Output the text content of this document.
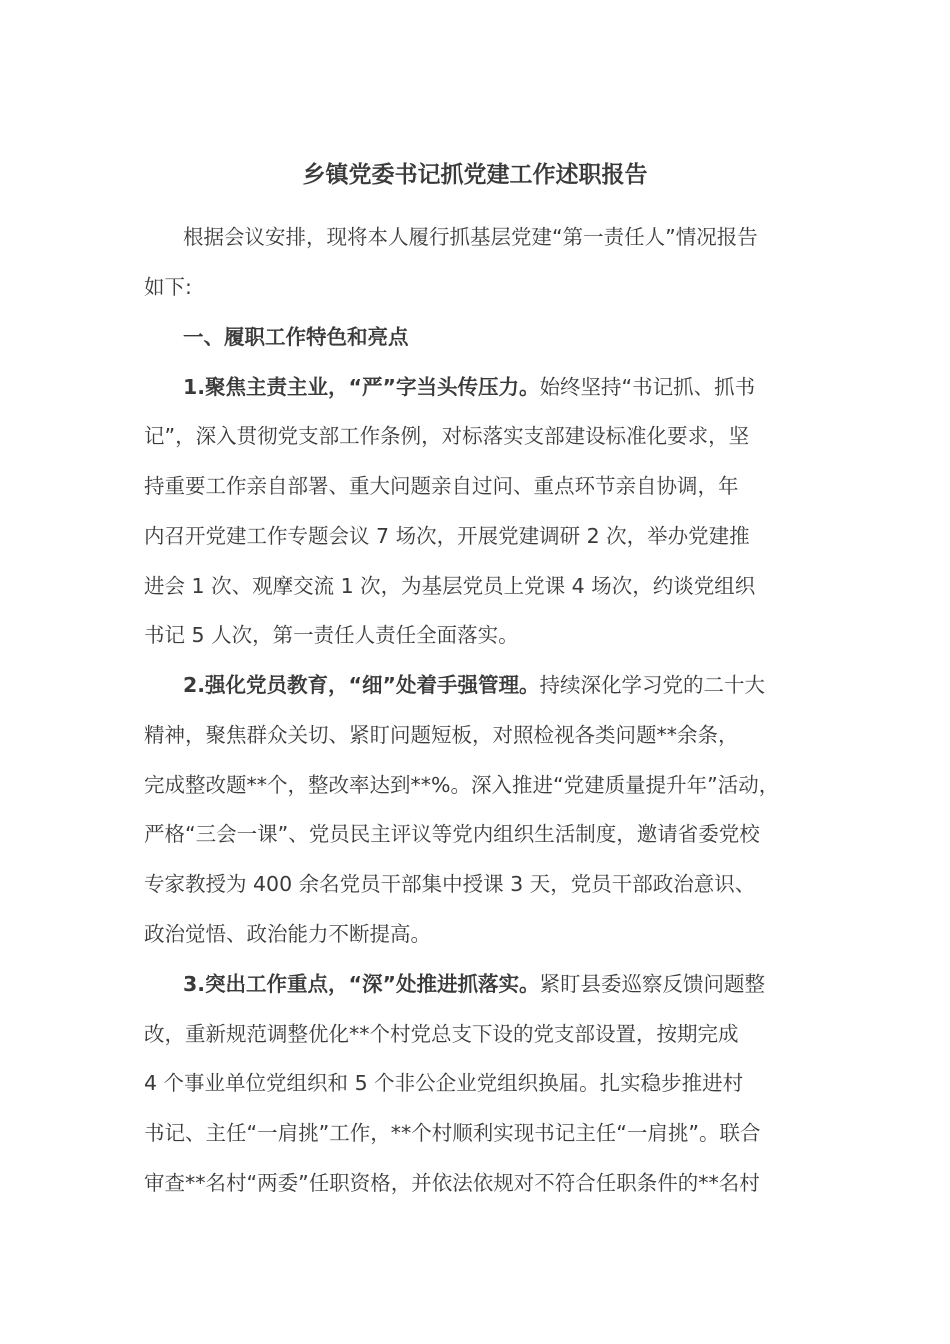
乡镇党委书记抓党建工作述职报告
根据会议安排，现将本人履行抓基层党建“第一责任人”情况报告
如下:
一、履职工作特色和亮点
1.聚焦主责主业，“严”字当头传压力。始终坚持“书记抓、抓书
记”，深入贯彻党支部工作条例，对标落实支部建设标准化要求，坚
持重要工作亲自部署、重大问题亲自过问、重点环节亲自协调，年
内召开党建工作专题会议 7 场次，开展党建调研 2 次，举办党建推
进会 1 次、观摩交流 1 次，为基层党员上党课 4 场次，约谈党组织
书记 5 人次，第一责任人责任全面落实。
2.强化党员教育，“细”处着手强管理。持续深化学习党的二十大
精神，聚焦群众关切、紧盯问题短板，对照检视各类问题**余条，
完成整改题**个，整改率达到**%。深入推进“党建质量提升年”活动，
严格“三会一课”、党员民主评议等党内组织生活制度，邀请省委党校
专家教授为 400 余名党员干部集中授课 3 天，党员干部政治意识、
政治觉悟、政治能力不断提高。
3.突出工作重点，“深”处推进抓落实。紧盯县委巡察反馈问题整
改，重新规范调整优化**个村党总支下设的党支部设置，按期完成
4 个事业单位党组织和 5 个非公企业党组织换届。扎实稳步推进村
书记、主任“一肩挑”工作，**个村顺利实现书记主任“一肩挑”。联合
审查**名村“两委”任职资格，并依法依规对不符合任职条件的**名村
